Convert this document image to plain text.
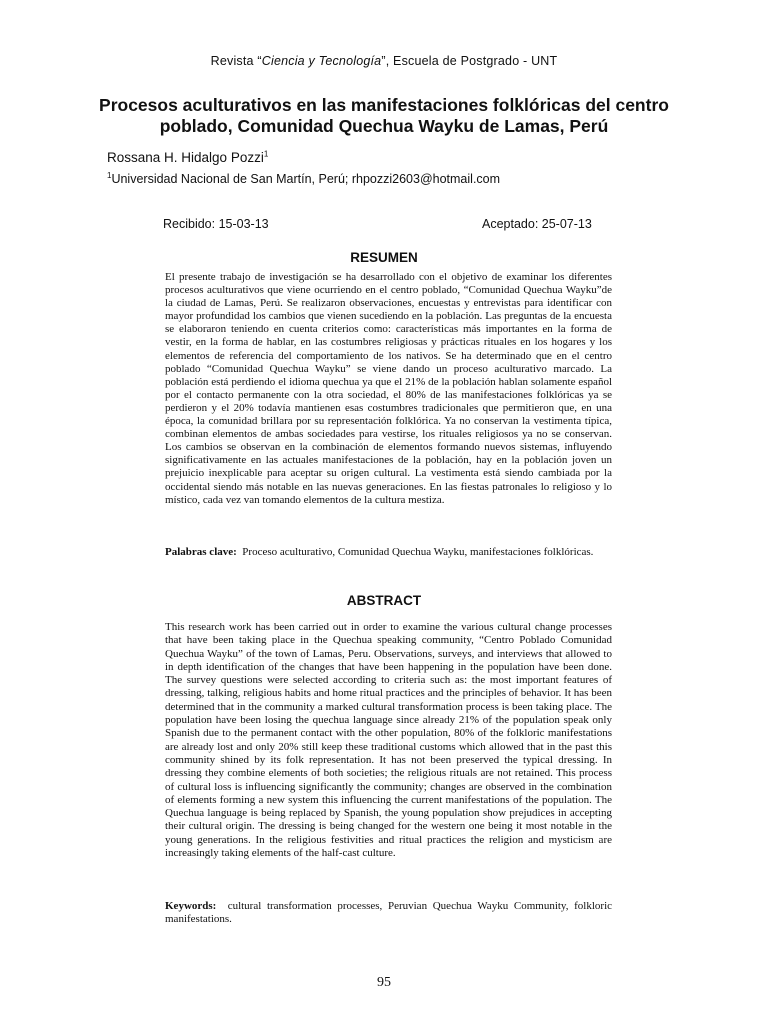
Revista “Ciencia y Tecnología”, Escuela de Postgrado - UNT
Procesos aculturativos en las manifestaciones folklóricas del centro poblado, Comunidad Quechua Wayku de Lamas, Perú
Rossana H. Hidalgo Pozzi$^1$
$^1$Universidad Nacional de San Martín, Perú; rhpozzi2603@hotmail.com
Recibido: 15-03-13	Aceptado: 25-07-13
RESUMEN

El presente trabajo de investigación se ha desarrollado con el objetivo de examinar los diferentes procesos aculturativos que viene ocurriendo en el centro poblado, “Comunidad Quechua Wayku”de la ciudad de Lamas, Perú. Se realizaron observaciones, encuestas y entrevistas para identificar con mayor profundidad los cambios que vienen sucediendo en la población. Las preguntas de la encuesta se elaboraron teniendo en cuenta criterios como: características más importantes en la forma de vestir, en la forma de hablar, en las costumbres religiosas y prácticas rituales en los hogares y los elementos de referencia del comportamiento de los nativos. Se ha determinado que en el centro poblado “Comunidad Quechua Wayku” se viene dando un proceso aculturativo marcado. La población está perdiendo el idioma quechua ya que el 21% de la población hablan solamente español por el contacto permanente con la otra sociedad, el 80% de las manifestaciones folklóricas ya se perdieron y el 20% todavía mantienen esas costumbres tradicionales que permitieron que, en una época, la comunidad brillara por su representación folklórica. Ya no conservan la vestimenta típica, combinan elementos de ambas sociedades para vestirse, los rituales religiosos ya no se conservan. Los cambios se observan en la combinación de elementos formando nuevos sistemas, influyendo significativamente en las actuales manifestaciones de la población, hay en la población joven un prejuicio inexplicable para aceptar su origen cultural. La vestimenta está siendo cambiada por la occidental siendo más notable en las nuevas generaciones. En las fiestas patronales lo religioso y lo místico, cada vez van tomando elementos de la cultura mestiza.

Palabras clave: Proceso aculturativo, Comunidad Quechua Wayku, manifestaciones folklóricas.

ABSTRACT

This research work has been carried out in order to examine the various cultural change processes that have been taking place in the Quechua speaking community, “Centro Poblado Comunidad Quechua Wayku” of the town of Lamas, Peru. Observations, surveys, and interviews that allowed to in depth identification of the changes that have been happening in the population have been done. The survey questions were selected according to criteria such as: the most important features of dressing, talking, religious habits and home ritual practices and the principles of behavior. It has been determined that in the community a marked cultural transformation process is been taking place. The population have been losing the quechua language since already 21% of the population speak only Spanish due to the permanent contact with the other population, 80% of the folkloric manifestations are already lost and only 20% still keep these traditional customs which allowed that in the past this community shined by its folk representation. It has not been preserved the typical dressing. In dressing they combine elements of both societies; the religious rituals are not retained. This process of cultural loss is influencing significantly the community; changes are observed in the combination of elements forming a new system this influencing the current manifestations of the population. The Quechua language is being replaced by Spanish, the young population show prejudices in accepting their cultural origin. The dressing is being changed for the western one being it most notable in the young generations. In the religious festivities and ritual practices the religion and mysticism are increasingly taking elements of the half-cast culture.

Keywords: cultural transformation processes, Peruvian Quechua Wayku Community, folkloric manifestations.

95
